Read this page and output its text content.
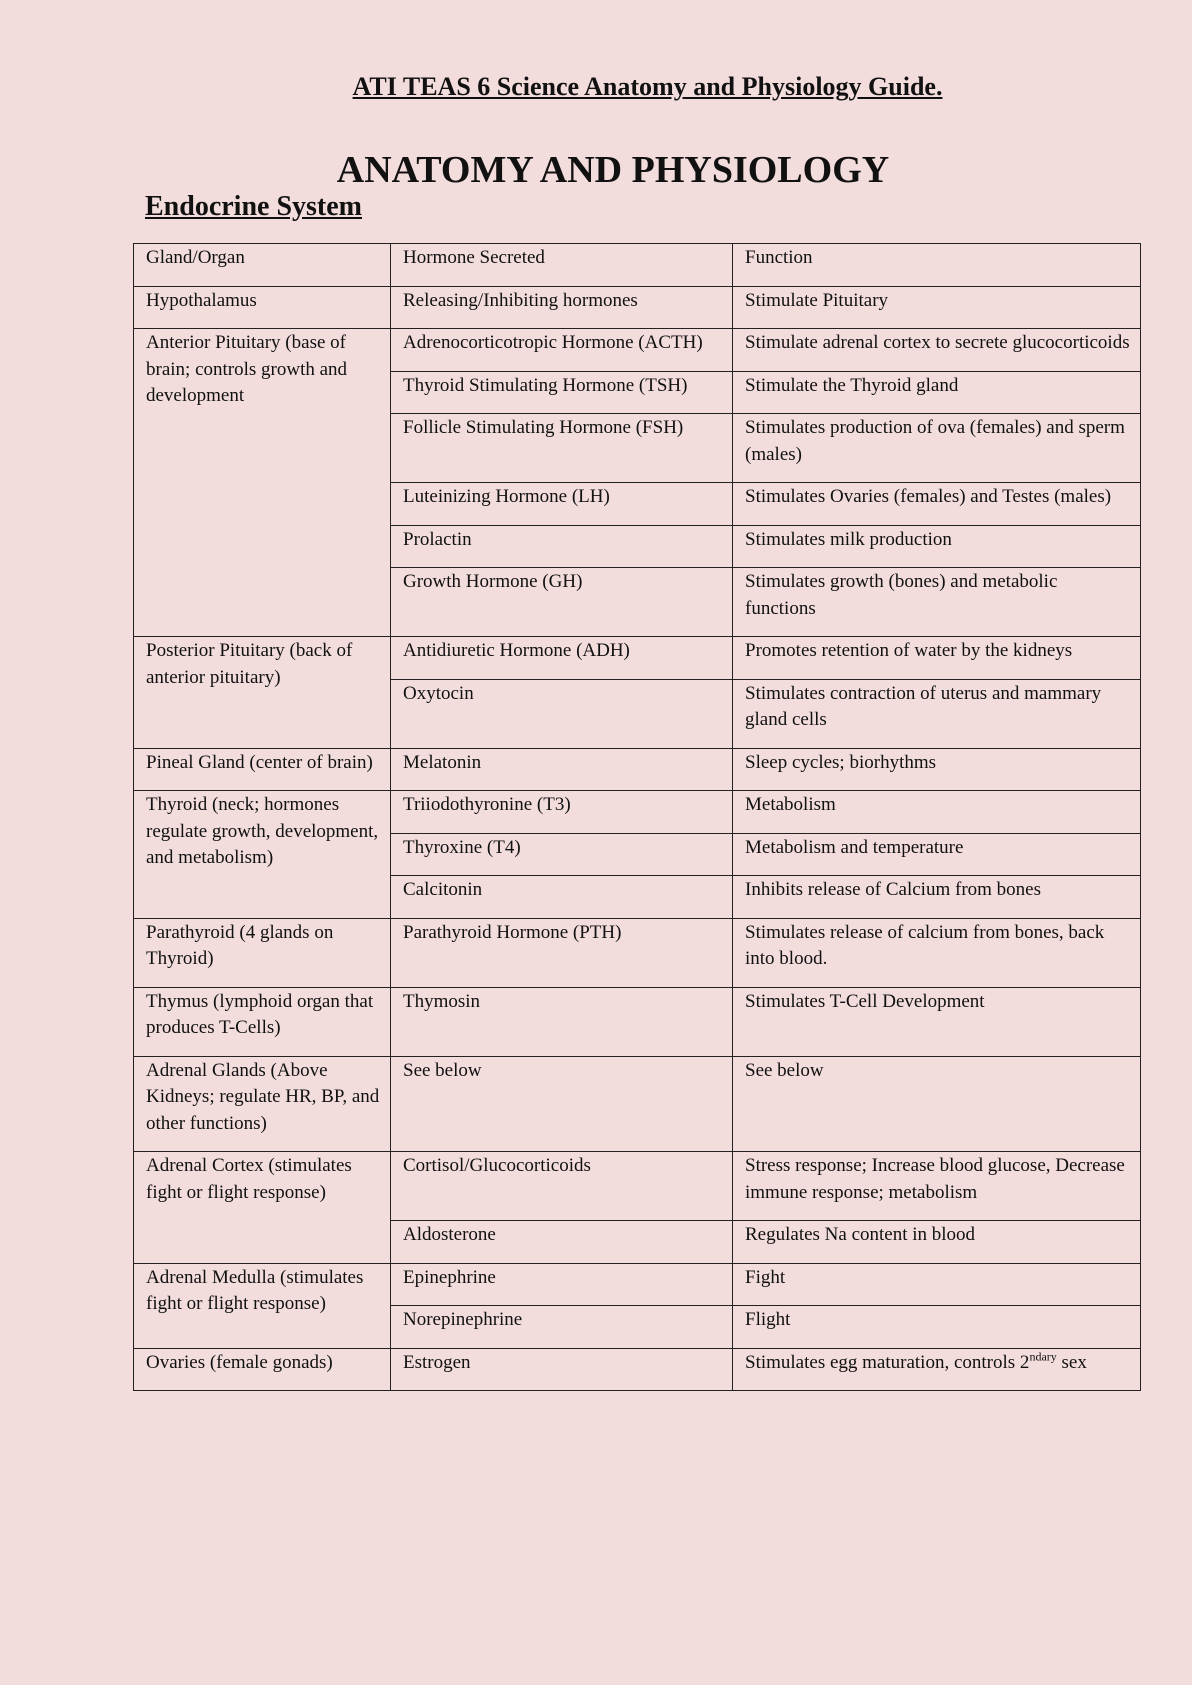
ATI TEAS 6 Science Anatomy and Physiology Guide.
ANATOMY AND PHYSIOLOGY
Endocrine System
Gland/Organ	Hormone Secreted	Function
Hypothalamus	Releasing/Inhibiting hormones	Stimulate Pituitary
Anterior Pituitary (base of brain; controls growth and development	Adrenocorticotropic Hormone (ACTH)	Stimulate adrenal cortex to secrete glucocorticoids
	Thyroid Stimulating Hormone (TSH)	Stimulate the Thyroid gland
	Follicle Stimulating Hormone (FSH)	Stimulates production of ova (females) and sperm (males)
	Luteinizing Hormone (LH)	Stimulates Ovaries (females) and Testes (males)
	Prolactin	Stimulates milk production
	Growth Hormone (GH)	Stimulates growth (bones) and metabolic functions
Posterior Pituitary (back of anterior pituitary)	Antidiuretic Hormone (ADH)	Promotes retention of water by the kidneys
	Oxytocin	Stimulates contraction of uterus and mammary gland cells
Pineal Gland (center of brain)	Melatonin	Sleep cycles; biorhythms
Thyroid (neck; hormones regulate growth, development, and metabolism)	Triiodothyronine (T3)	Metabolism
	Thyroxine (T4)	Metabolism and temperature
	Calcitonin	Inhibits release of Calcium from bones
Parathyroid (4 glands on Thyroid)	Parathyroid Hormone (PTH)	Stimulates release of calcium from bones, back into blood.
Thymus (lymphoid organ that produces T-Cells)	Thymosin	Stimulates T-Cell Development
Adrenal Glands (Above Kidneys; regulate HR, BP, and other functions)	See below	See below
Adrenal Cortex (stimulates fight or flight response)	Cortisol/Glucocorticoids	Stress response; Increase blood glucose, Decrease immune response; metabolism
	Aldosterone	Regulates Na content in blood
Adrenal Medulla (stimulates fight or flight response)	Epinephrine	Fight
	Norepinephrine	Flight
Ovaries (female gonads)	Estrogen	Stimulates egg maturation, controls $2^{ndary}$ sex
